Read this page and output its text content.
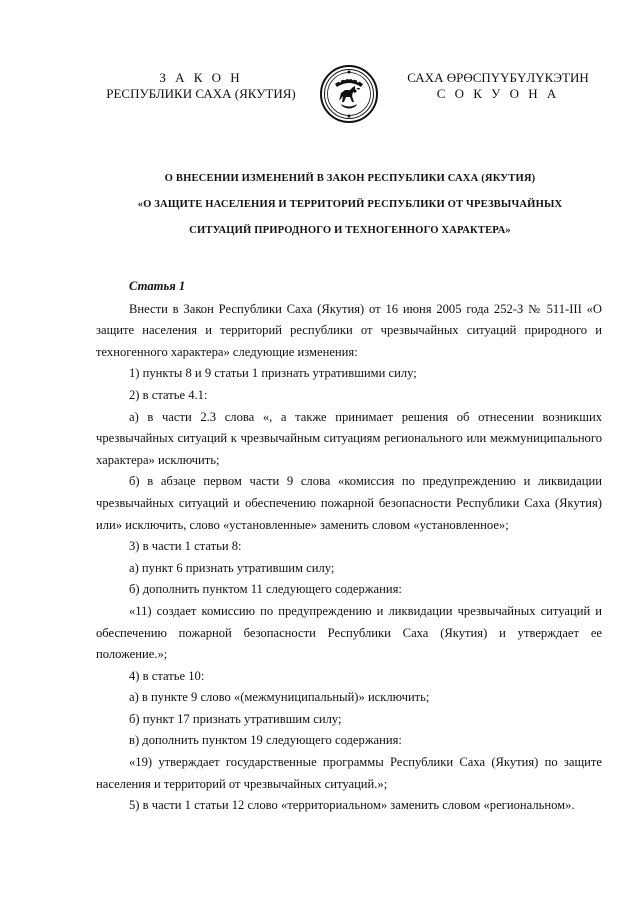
З А К О Н
РЕСПУБЛИКИ САХА (ЯКУТИЯ)
САХА ӨРӨСПҮҮБҮЛҮКЭТИН
С О К У О Н А
О ВНЕСЕНИИ ИЗМЕНЕНИЙ В ЗАКОН РЕСПУБЛИКИ САХА (ЯКУТИЯ)
«О ЗАЩИТЕ НАСЕЛЕНИЯ И ТЕРРИТОРИЙ РЕСПУБЛИКИ ОТ ЧРЕЗВЫЧАЙНЫХ
СИТУАЦИЙ ПРИРОДНОГО И ТЕХНОГЕННОГО ХАРАКТЕРА»

Статья 1

Внести в Закон Республики Саха (Якутия) от 16 июня 2005 года 252-З № 511-III «О защите населения и территорий республики от чрезвычайных ситуаций природного и техногенного характера» следующие изменения:

1) пункты 8 и 9 статьи 1 признать утратившими силу;

2) в статье 4.1:

а) в части 2.3 слова «, а также принимает решения об отнесении возникших чрезвычайных ситуаций к чрезвычайным ситуациям регионального или межмуниципального характера» исключить;

б) в абзаце первом части 9 слова «комиссия по предупреждению и ликвидации чрезвычайных ситуаций и обеспечению пожарной безопасности Республики Саха (Якутия) или» исключить, слово «установленные» заменить словом «установленное»;

3) в части 1 статьи 8:

а) пункт 6 признать утратившим силу;

б) дополнить пунктом 11 следующего содержания:

«11) создает комиссию по предупреждению и ликвидации чрезвычайных ситуаций и обеспечению пожарной безопасности Республики Саха (Якутия) и утверждает ее положение.»;

4) в статье 10:

а) в пункте 9 слово «(межмуниципальный)» исключить;

б) пункт 17 признать утратившим силу;

в) дополнить пунктом 19 следующего содержания:

«19) утверждает государственные программы Республики Саха (Якутия) по защите населения и территорий от чрезвычайных ситуаций.»;

5) в части 1 статьи 12 слово «территориальном» заменить словом «региональном».
